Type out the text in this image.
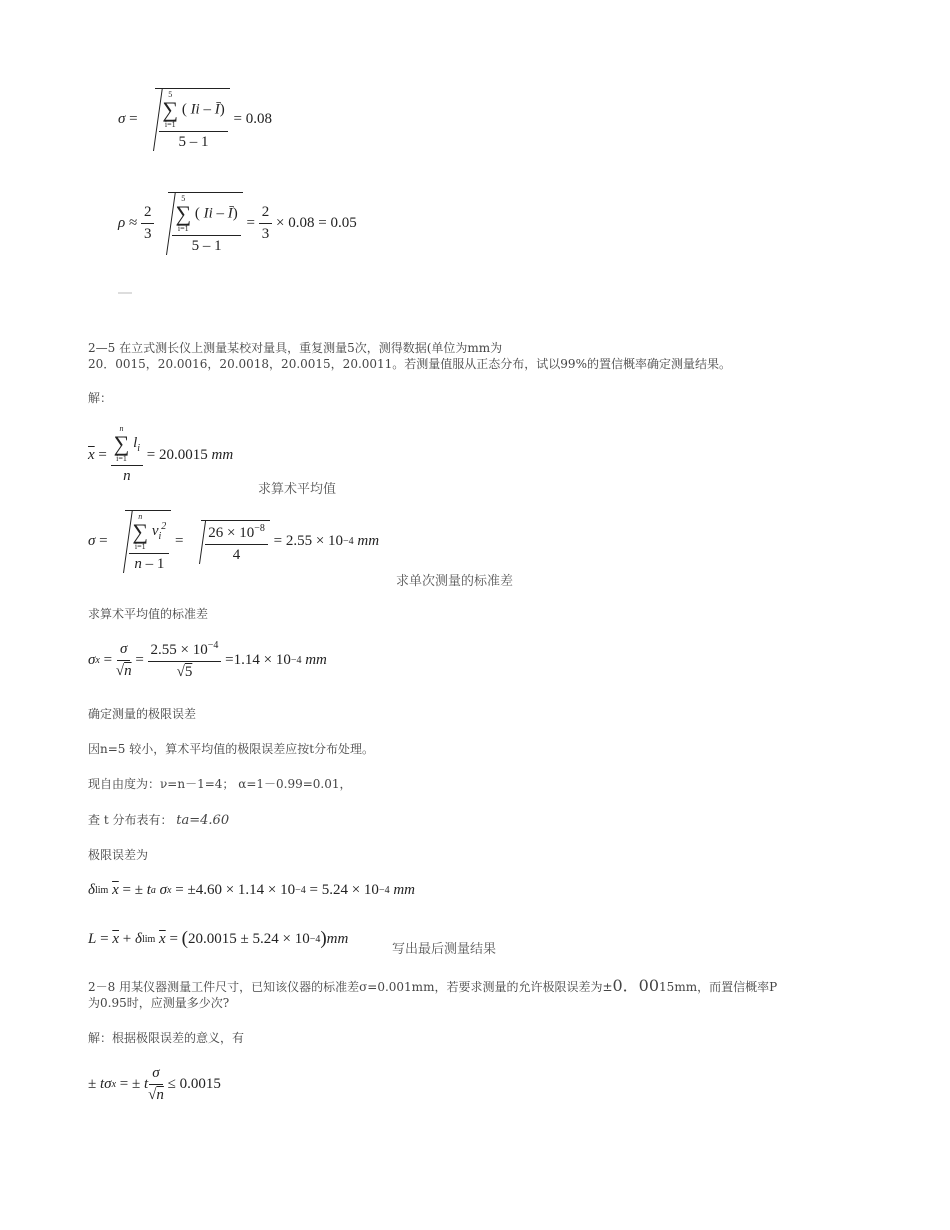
σ = 5
∑
i=1
( Ii – Ī)
5 – 1 = 0.08
$\rho \approx \frac{2}{3} 5$
∑
i=1
( Ii – Ī)
$5 - 1 = \frac{2}{3} \times 0.08 = 0.05$
2—5 在立式测长仪上测量某校对量具，重复测量5次，测得数据(单位为mm为
20．0015，20.0016，20.0018，20.0015，20.0011。若测量值服从正态分布，试以99%的置信概率确定测量结果。
解：
$\overline{x} = n$
∑
i=1
$l_i$
n = 20.0015
mm
求算术平均值
σ = n
∑
i=1
$v_i^2$
$n - 1 = \frac{26 \times 10^{-8}}{4} = 2.55 \times 10 -4$
mm
求单次测量的标准差
求算术平均值的标准差
σ $x = \frac{\sigma}{√n} = \frac{2.55 \times 10^{-4}}{√5} = 1.14 \times 10 -4$
mm
确定测量的极限误差
因n=5 较小，算术平均值的极限误差应按t分布处理。
现自由度为：ν=n－1=4； α=1－0.99=0.01，
查 t 分布表有： ta=4.60
极限误差为
δ lim
$\overline{x}$ = ± t a
σ x = ± 4.60 × 1.14 × 10 −4 = 5.24 × 10 −4
mm
$L = \overline{x} + \delta$ lim
$\overline{x}$ = ( 20.0015 ± 5.24 × 10 −4 ) mm
写出最后测量结果
2－8 用某仪器测量工件尺寸，已知该仪器的标准差σ=0.001mm，若要求测量的允许极限误差为±0．0015mm，而置信概率P
为0.95时，应测量多少次?
解：根据极限误差的意义，有
± t σ x = ± t $\frac{\sigma}{√n} \le 0.0015$
